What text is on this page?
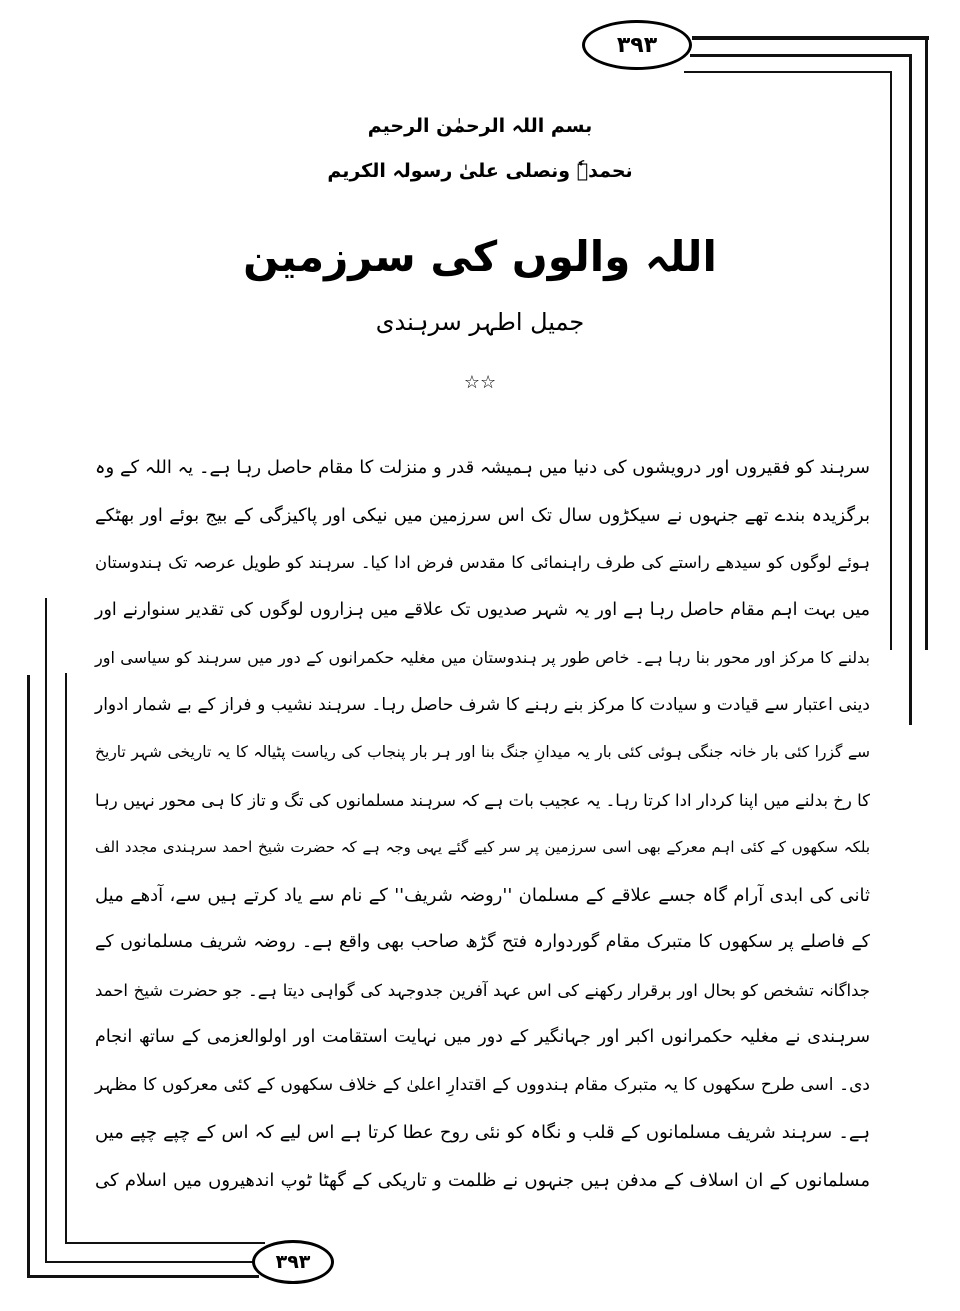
۳۹۳
۳۹۳
بسم اللہ الرحمٰن الرحیم
نحمدہٗ ونصلی علیٰ رسولہ الکریم
اللہ والوں کی سرزمین
جمیل اطہر سرہندی
☆☆
سرہند کو فقیروں اور درویشوں کی دنیا میں ہمیشہ قدر و منزلت کا مقام حاصل رہا ہے۔ یہ اللہ کے وہ
برگزیدہ بندے تھے جنہوں نے سیکڑوں سال تک اس سرزمین میں نیکی اور پاکیزگی کے بیج بوئے اور بھٹکے
ہوئے لوگوں کو سیدھے راستے کی طرف راہنمائی کا مقدس فرض ادا کیا۔ سرہند کو طویل عرصہ تک ہندوستان
میں بہت اہم مقام حاصل رہا ہے اور یہ شہر صدیوں تک علاقے میں ہزاروں لوگوں کی تقدیر سنوارنے اور
بدلنے کا مرکز اور محور بنا رہا ہے۔ خاص طور پر ہندوستان میں مغلیہ حکمرانوں کے دور میں سرہند کو سیاسی اور
دینی اعتبار سے قیادت و سیادت کا مرکز بنے رہنے کا شرف حاصل رہا۔ سرہند نشیب و فراز کے بے شمار ادوار
سے گزرا کئی بار خانہ جنگی ہوئی کئی بار یہ میدانِ جنگ بنا اور ہر بار پنجاب کی ریاست پٹیالہ کا یہ تاریخی شہر تاریخ
کا رخ بدلنے میں اپنا کردار ادا کرتا رہا۔ یہ عجیب بات ہے کہ سرہند مسلمانوں کی تگ و تاز کا ہی محور نہیں رہا
بلکہ سکھوں کے کئی اہم معرکے بھی اسی سرزمین پر سر کیے گئے یہی وجہ ہے کہ حضرت شیخ احمد سرہندی مجدد الف
ثانی کی ابدی آرام گاہ جسے علاقے کے مسلمان ''روضہ شریف'' کے نام سے یاد کرتے ہیں سے، آدھے میل
کے فاصلے پر سکھوں کا متبرک مقام گوردوارہ فتح گڑھ صاحب بھی واقع ہے۔ روضہ شریف مسلمانوں کے
جداگانہ تشخص کو بحال اور برقرار رکھنے کی اس عہد آفرین جدوجہد کی گواہی دیتا ہے۔ جو حضرت شیخ احمد
سرہندی نے مغلیہ حکمرانوں اکبر اور جہانگیر کے دور میں نہایت استقامت اور اولوالعزمی کے ساتھ انجام
دی۔ اسی طرح سکھوں کا یہ متبرک مقام ہندووں کے اقتدارِ اعلیٰ کے خلاف سکھوں کے کئی معرکوں کا مظہر
ہے۔ سرہند شریف مسلمانوں کے قلب و نگاہ کو نئی روح عطا کرتا ہے اس لیے کہ اس کے چپے چپے میں
مسلمانوں کے ان اسلاف کے مدفن ہیں جنہوں نے ظلمت و تاریکی کے گھٹا ٹوپ اندھیروں میں اسلام کی
